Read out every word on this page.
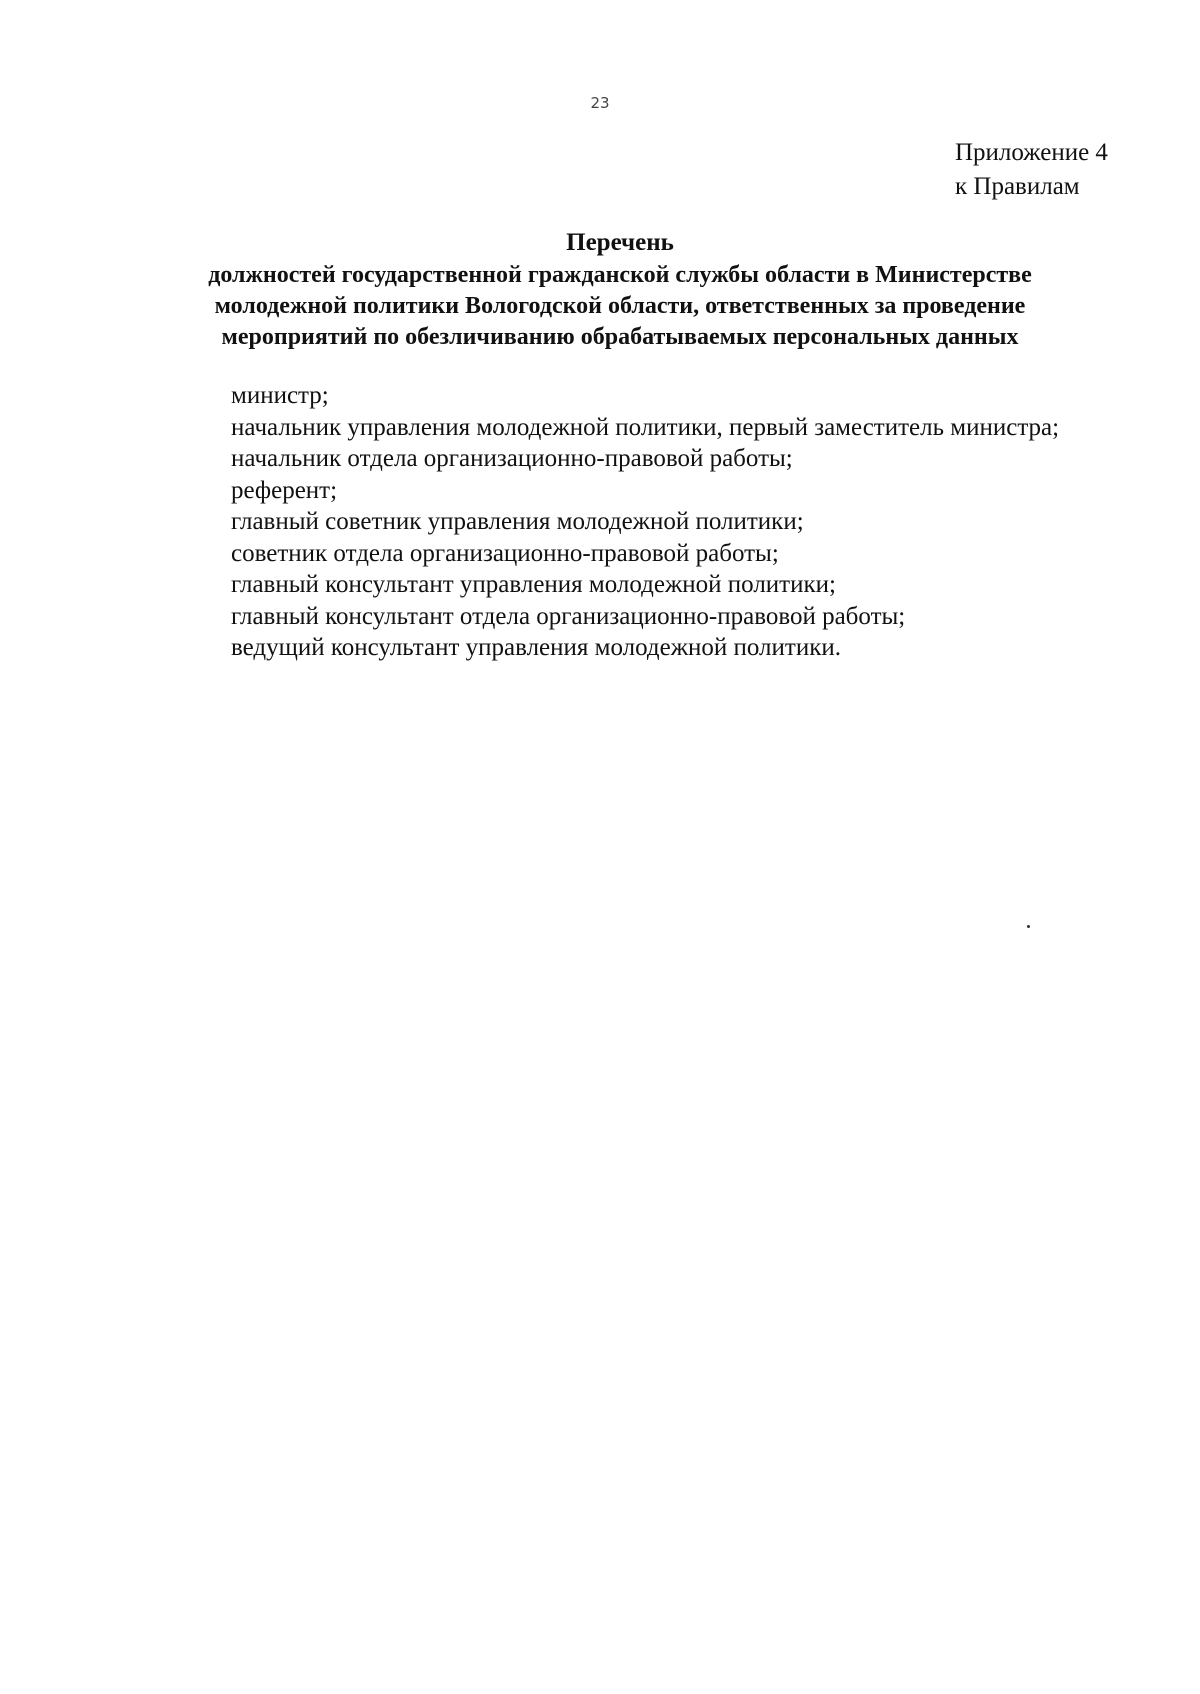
23
Приложение 4
к Правилам
Перечень
должностей государственной гражданской службы области в Министерстве
молодежной политики Вологодской области, ответственных за проведение
мероприятий по обезличиванию обрабатываемых персональных данных

министр;

начальник управления молодежной политики, первый заместитель министра;

начальник отдела организационно-правовой работы;

референт;

главный советник управления молодежной политики;

советник отдела организационно-правовой работы;

главный консультант управления молодежной политики;

главный консультант отдела организационно-правовой работы;

ведущий консультант управления молодежной политики.
